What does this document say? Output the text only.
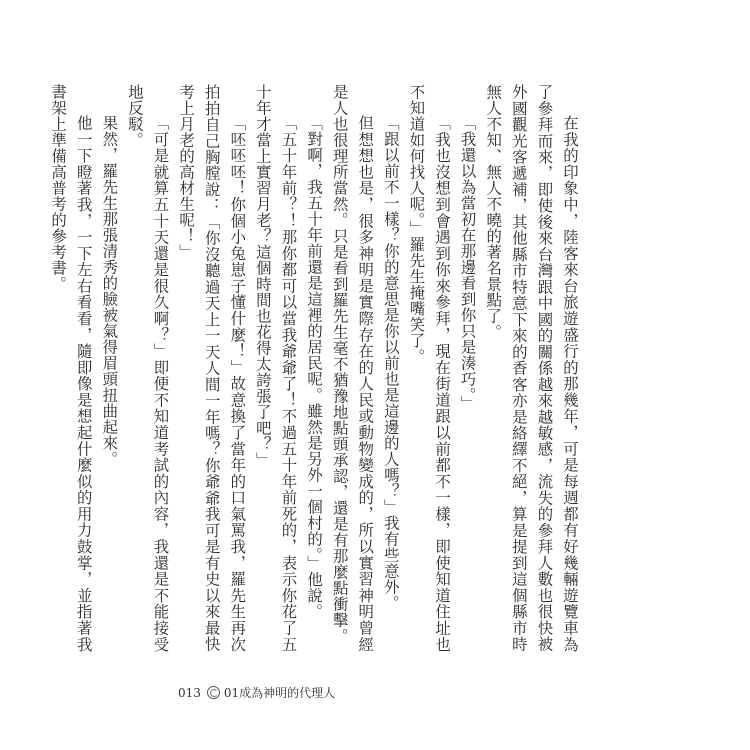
在我的印象中，陸客來台旅遊盛行的那幾年，可是每週都有好幾輛遊覽車為了參拜而來，即使後來台灣跟中國的關係越來越敏感，流失的參拜人數也很快被外國觀光客遞補，其他縣市特意下來的香客亦是絡繹不絕，算是提到這個縣市時無人不知、無人不曉的著名景點了。

「我還以為當初在那邊看到你只是湊巧。」

「我也沒想到會遇到你來參拜，現在街道跟以前都不一樣，即使知道住址也不知道如何找人呢。」羅先生掩嘴笑了。

「跟以前不一樣？你的意思是你以前也是這邊的人嗎？」我有些意外。

但想想也是，很多神明是實際存在的人民或動物變成的，所以實習神明曾經是人也很理所當然。只是看到羅先生毫不猶豫地點頭承認，還是有那麼點衝擊。

「對啊，我五十年前還是這裡的居民呢。雖然是另外一個村的。」他說。

「五十年前？！那你都可以當我爺爺了！不過五十年前死的，表示你花了五十年才當上實習月老？這個時間也花得太誇張了吧？」

「呸呸呸！你個小兔崽子懂什麼！」故意換了當年的口氣罵我，羅先生再次拍拍自己胸膛說：「你沒聽過天上一天人間一年嗎？你爺爺我可是有史以來最快考上月老的高材生呢！」

「可是就算五十天還是很久啊？」即便不知道考試的內容，我還是不能接受地反駁。

果然，羅先生那張清秀的臉被氣得眉頭扭曲起來。

他一下瞪著我，一下左右看看，隨即像是想起什麼似的用力鼓掌，並指著我書架上準備高普考的參考書。

013 01成為神明的代理人
